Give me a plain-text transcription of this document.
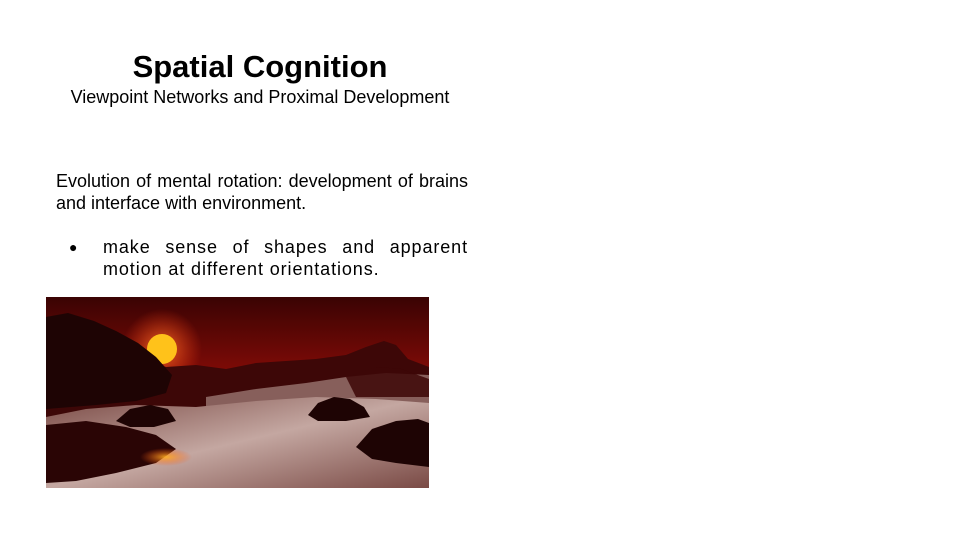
Spatial Cognition

Viewpoint Networks and Proximal Development

Evolution of mental rotation: development of brains and interface with environment.

● make sense of shapes and apparent motion at different orientations.
